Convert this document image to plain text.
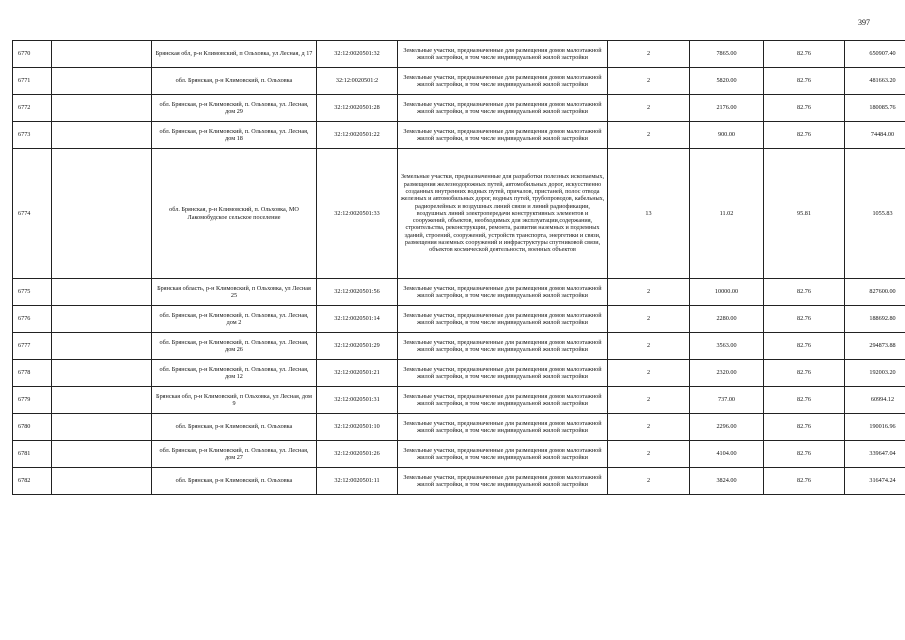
397
6770		Брянская обл, р-н Климовский, п Ольховка, ул Лесная, д 17	32:12:0020501:32	Земельные участки, предназначенные для размещения домов малоэтажной жилой застройки, в том числе индивидуальной жилой застройки	2	7865.00	82.76	650907.40
6771		обл. Брянская, р-н Климовский, п. Ольховка	32:12:0020501:2	Земельные участки, предназначенные для размещения домов малоэтажной жилой застройки, в том числе индивидуальной жилой застройки	2	5820.00	82.76	481663.20
6772		обл. Брянская, р-н Климовский, п. Ольховка, ул. Лесная, дом 29	32:12:0020501:28	Земельные участки, предназначенные для размещения домов малоэтажной жилой застройки, в том числе индивидуальной жилой застройки	2	2176.00	82.76	180085.76
6773		обл. Брянская, р-н Климовский, п. Ольховка, ул. Лесная, дом 18	32:12:0020501:22	Земельные участки, предназначенные для размещения домов малоэтажной жилой застройки, в том числе индивидуальной жилой застройки	2	900.00	82.76	74484.00
6774		обл. Брянская, р-н Климовский, п. Ольховка, МО Лакомобудское сельское поселение	32:12:0020501:33	Земельные участки, предназначенные для разработки полезных ископаемых, размещения железнодорожных путей, автомобильных дорог, искусственно созданных внутренних водных путей, причалов, пристаней, полос отвода железных и автомобильных дорог, водных путей, трубопроводов, кабельных, радиорелейных и воздушных линий связи и линий радиофикации, воздушных линий электропередачи конструктивных элементов и сооружений, объектов, необходимых для эксплуатации,содержания, строительства, реконструкции, ремонта, развития наземных и подземных зданий, строений, сооружений, устройств транспорта, энергетики и связи, размещения наземных сооружений и инфраструктуры спутниковой связи, объектов космической деятельности, военных объектов	13	11.02	95.81	1055.83
6775		Брянская область, р-н Климовский, п Ольховка, ул Лесная 25	32:12:0020501:56	Земельные участки, предназначенные для размещения домов малоэтажной жилой застройки, в том числе индивидуальной жилой застройки	2	10000.00	82.76	827600.00
6776		обл. Брянская, р-н Климовский, п. Ольховка, ул. Лесная, дом 2	32:12:0020501:14	Земельные участки, предназначенные для размещения домов малоэтажной жилой застройки, в том числе индивидуальной жилой застройки	2	2280.00	82.76	188692.80
6777		обл. Брянская, р-н Климовский, п. Ольховка, ул. Лесная, дом 26	32:12:0020501:29	Земельные участки, предназначенные для размещения домов малоэтажной жилой застройки, в том числе индивидуальной жилой застройки	2	3563.00	82.76	294873.88
6778		обл. Брянская, р-н Климовский, п. Ольховка, ул. Лесная, дом 12	32:12:0020501:21	Земельные участки, предназначенные для размещения домов малоэтажной жилой застройки, в том числе индивидуальной жилой застройки	2	2320.00	82.76	192003.20
6779		Брянская обл, р-н Климовский, п Ольховка, ул Лесная, дом 9	32:12:0020501:31	Земельные участки, предназначенные для размещения домов малоэтажной жилой застройки, в том числе индивидуальной жилой застройки	2	737.00	82.76	60994.12
6780		обл. Брянская, р-н Климовский, п. Ольховка	32:12:0020501:10	Земельные участки, предназначенные для размещения домов малоэтажной жилой застройки, в том числе индивидуальной жилой застройки	2	2296.00	82.76	190016.96
6781		обл. Брянская, р-н Климовский, п. Ольховка, ул. Лесная, дом 27	32:12:0020501:26	Земельные участки, предназначенные для размещения домов малоэтажной жилой застройки, в том числе индивидуальной жилой застройки	2	4104.00	82.76	339647.04
6782		обл. Брянская, р-н Климовский, п. Ольховка	32:12:0020501:11	Земельные участки, предназначенные для размещения домов малоэтажной жилой застройки, в том числе индивидуальной жилой застройки	2	3824.00	82.76	316474.24
